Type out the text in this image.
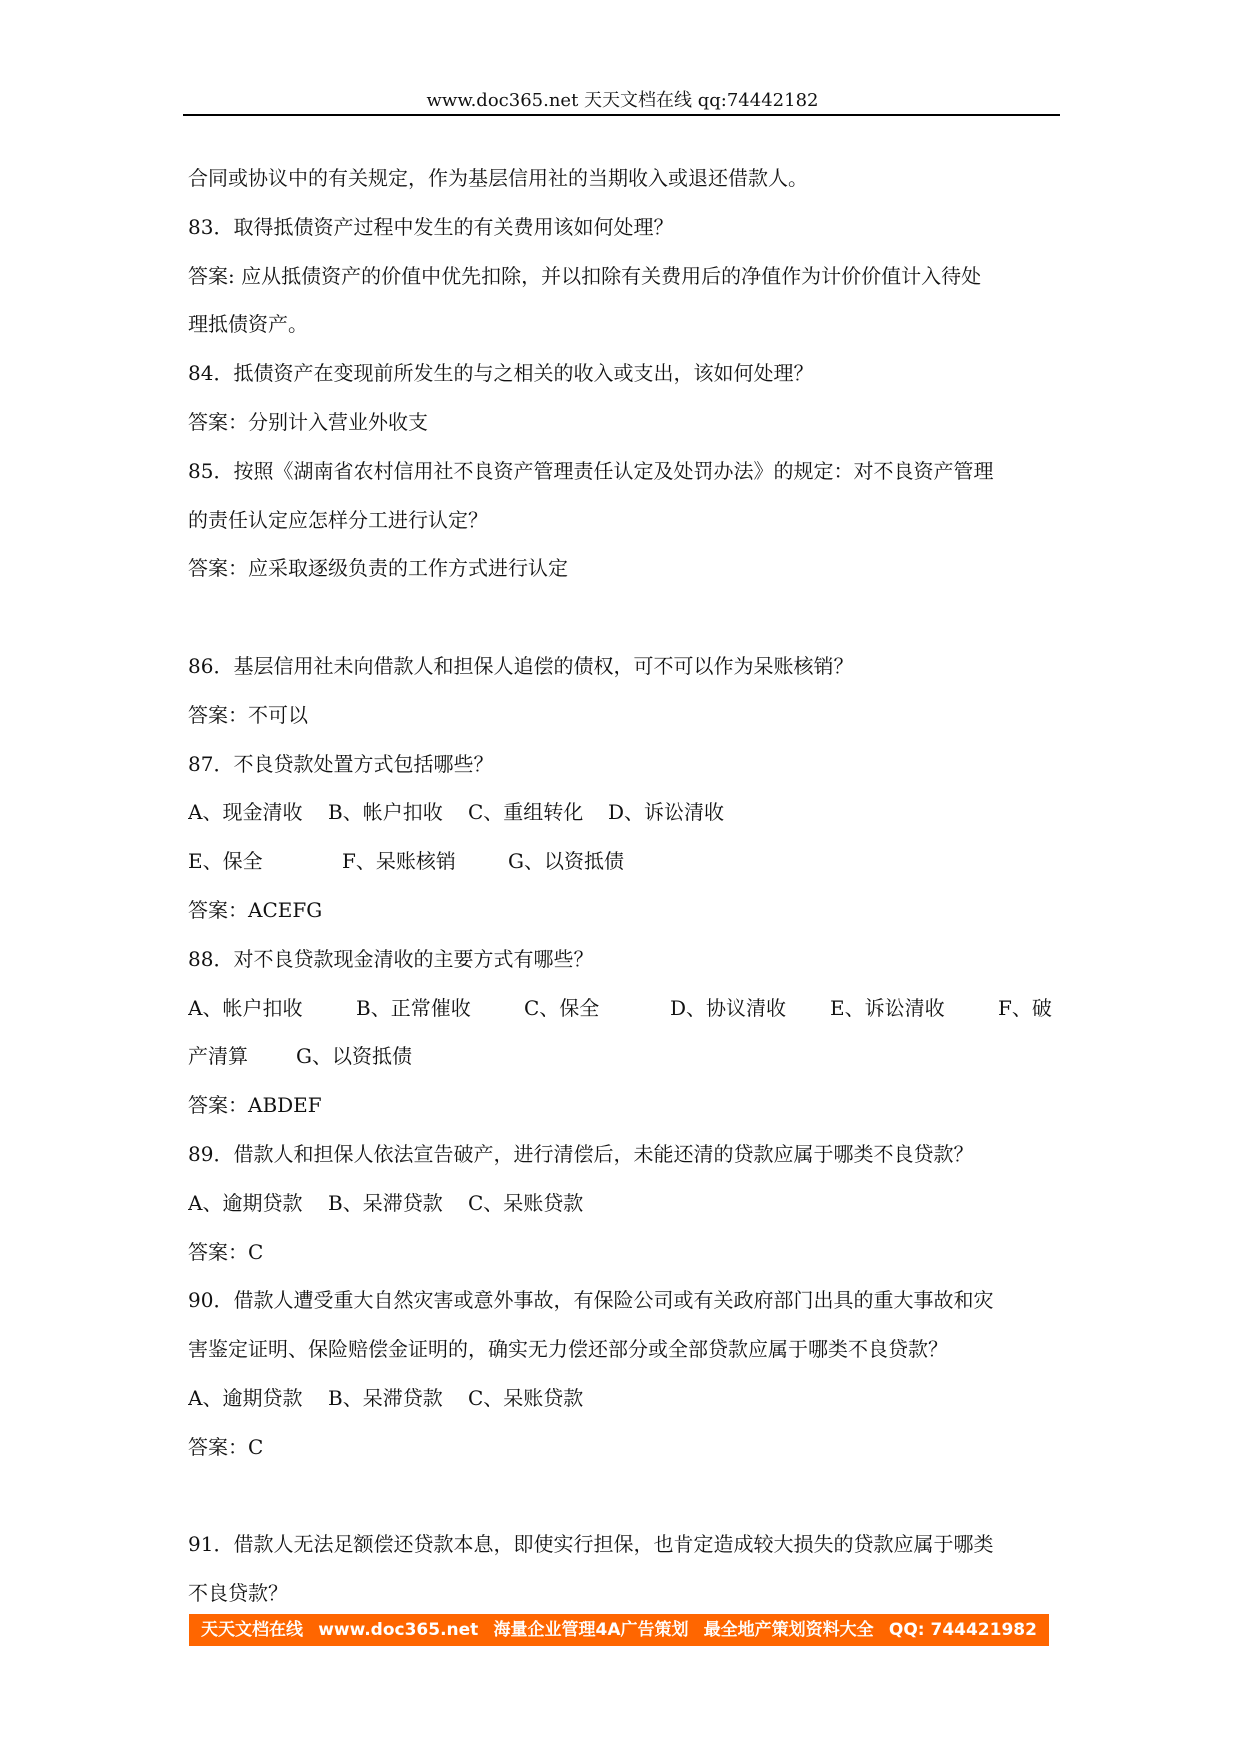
www.doc365.net 天天文档在线 qq:74442182
合同或协议中的有关规定，作为基层信用社的当期收入或退还借款人。
83．取得抵债资产过程中发生的有关费用该如何处理？
答案: 应从抵债资产的价值中优先扣除，并以扣除有关费用后的净值作为计价价值计入待处
理抵债资产。
84．抵债资产在变现前所发生的与之相关的收入或支出，该如何处理？
答案：分别计入营业外收支
85．按照《湖南省农村信用社不良资产管理责任认定及处罚办法》的规定：对不良资产管理
的责任认定应怎样分工进行认定？
答案：应采取逐级负责的工作方式进行认定
86．基层信用社未向借款人和担保人追偿的债权，可不可以作为呆账核销？
答案：不可以
87．不良贷款处置方式包括哪些？
A、现金清收	B、帐户扣收	C、重组转化	D、诉讼清收
E、保全	F、呆账核销	G、以资抵债
答案：ACEFG
88．对不良贷款现金清收的主要方式有哪些？
A、帐户扣收	B、正常催收	C、保全	D、协议清收	E、诉讼清收	F、破
产清算	G、以资抵债
答案：ABDEF
89．借款人和担保人依法宣告破产，进行清偿后，未能还清的贷款应属于哪类不良贷款？
A、逾期贷款	B、呆滞贷款	C、呆账贷款
答案：C
90．借款人遭受重大自然灾害或意外事故，有保险公司或有关政府部门出具的重大事故和灾
害鉴定证明、保险赔偿金证明的，确实无力偿还部分或全部贷款应属于哪类不良贷款？
A、逾期贷款	B、呆滞贷款	C、呆账贷款
答案：C
91．借款人无法足额偿还贷款本息，即使实行担保，也肯定造成较大损失的贷款应属于哪类
不良贷款？
天天文档在线 www.doc365.net 海量企业管理4A广告策划 最全地产策划资料大全 QQ: 744421982
